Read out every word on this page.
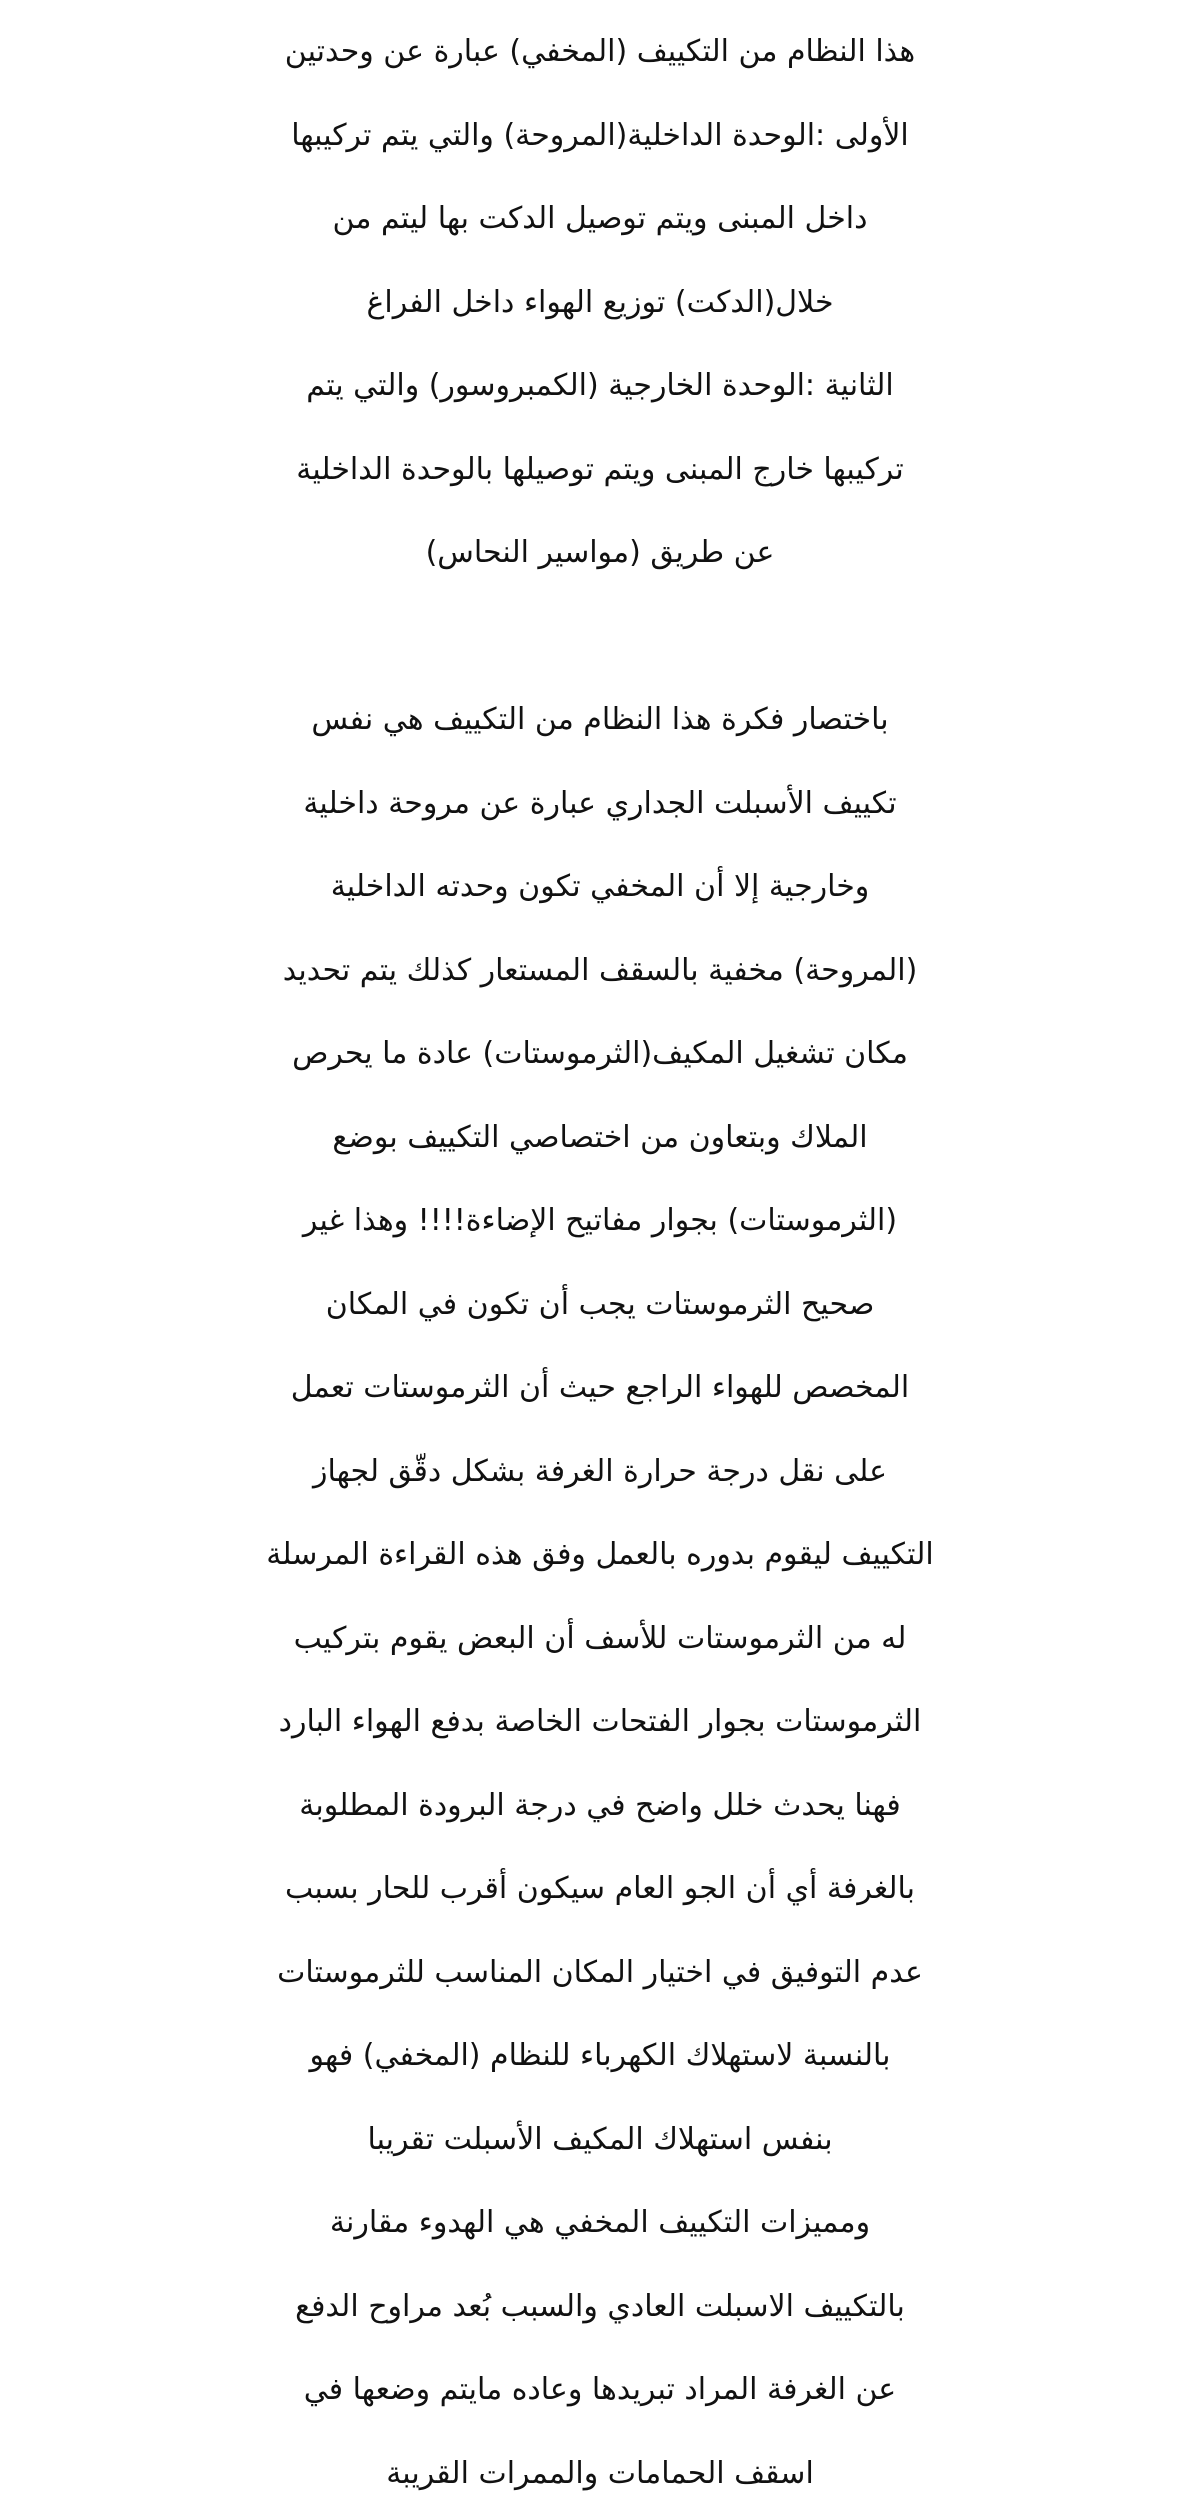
هذا النظام من التكييف (المخفي) عبارة عن وحدتين
الأولى :الوحدة الداخلية(المروحة) والتي يتم تركيبها
داخل المبنى ويتم توصيل الدكت بها ليتم من
خلال(الدكت) توزيع الهواء داخل الفراغ
الثانية :الوحدة الخارجية (الكمبروسور) والتي يتم
تركيبها خارج المبنى ويتم توصيلها بالوحدة الداخلية
عن طريق (مواسير النحاس)
باختصار فكرة هذا النظام من التكييف هي نفس
تكييف الأسبلت الجداري عبارة عن مروحة داخلية
وخارجية إلا أن المخفي تكون وحدته الداخلية
(المروحة) مخفية بالسقف المستعار كذلك يتم تحديد
مكان تشغيل المكيف(الثرموستات) عادة ما يحرص
الملاك وبتعاون من اختصاصي التكييف بوضع
(الثرموستات) بجوار مفاتيح الإضاءة!!!! وهذا غير
صحيح الثرموستات يجب أن تكون في المكان
المخصص للهواء الراجع حيث أن الثرموستات تعمل
على نقل درجة حرارة الغرفة بشكل دقّق لجهاز
التكييف ليقوم بدوره بالعمل وفق هذه القراءة المرسلة
له من الثرموستات للأسف أن البعض يقوم بتركيب
الثرموستات بجوار الفتحات الخاصة بدفع الهواء البارد
فهنا يحدث خلل واضح في درجة البرودة المطلوبة
بالغرفة أي أن الجو العام سيكون أقرب للحار بسبب
عدم التوفيق في اختيار المكان المناسب للثرموستات
بالنسبة لاستهلاك الكهرباء للنظام (المخفي) فهو
بنفس استهلاك المكيف الأسبلت تقريبا
ومميزات التكييف المخفي هي الهدوء مقارنة
بالتكييف الاسبلت العادي والسبب بُعد مراوح الدفع
عن الغرفة المراد تبريدها وعاده مايتم وضعها في
اسقف الحمامات والممرات القريبة
